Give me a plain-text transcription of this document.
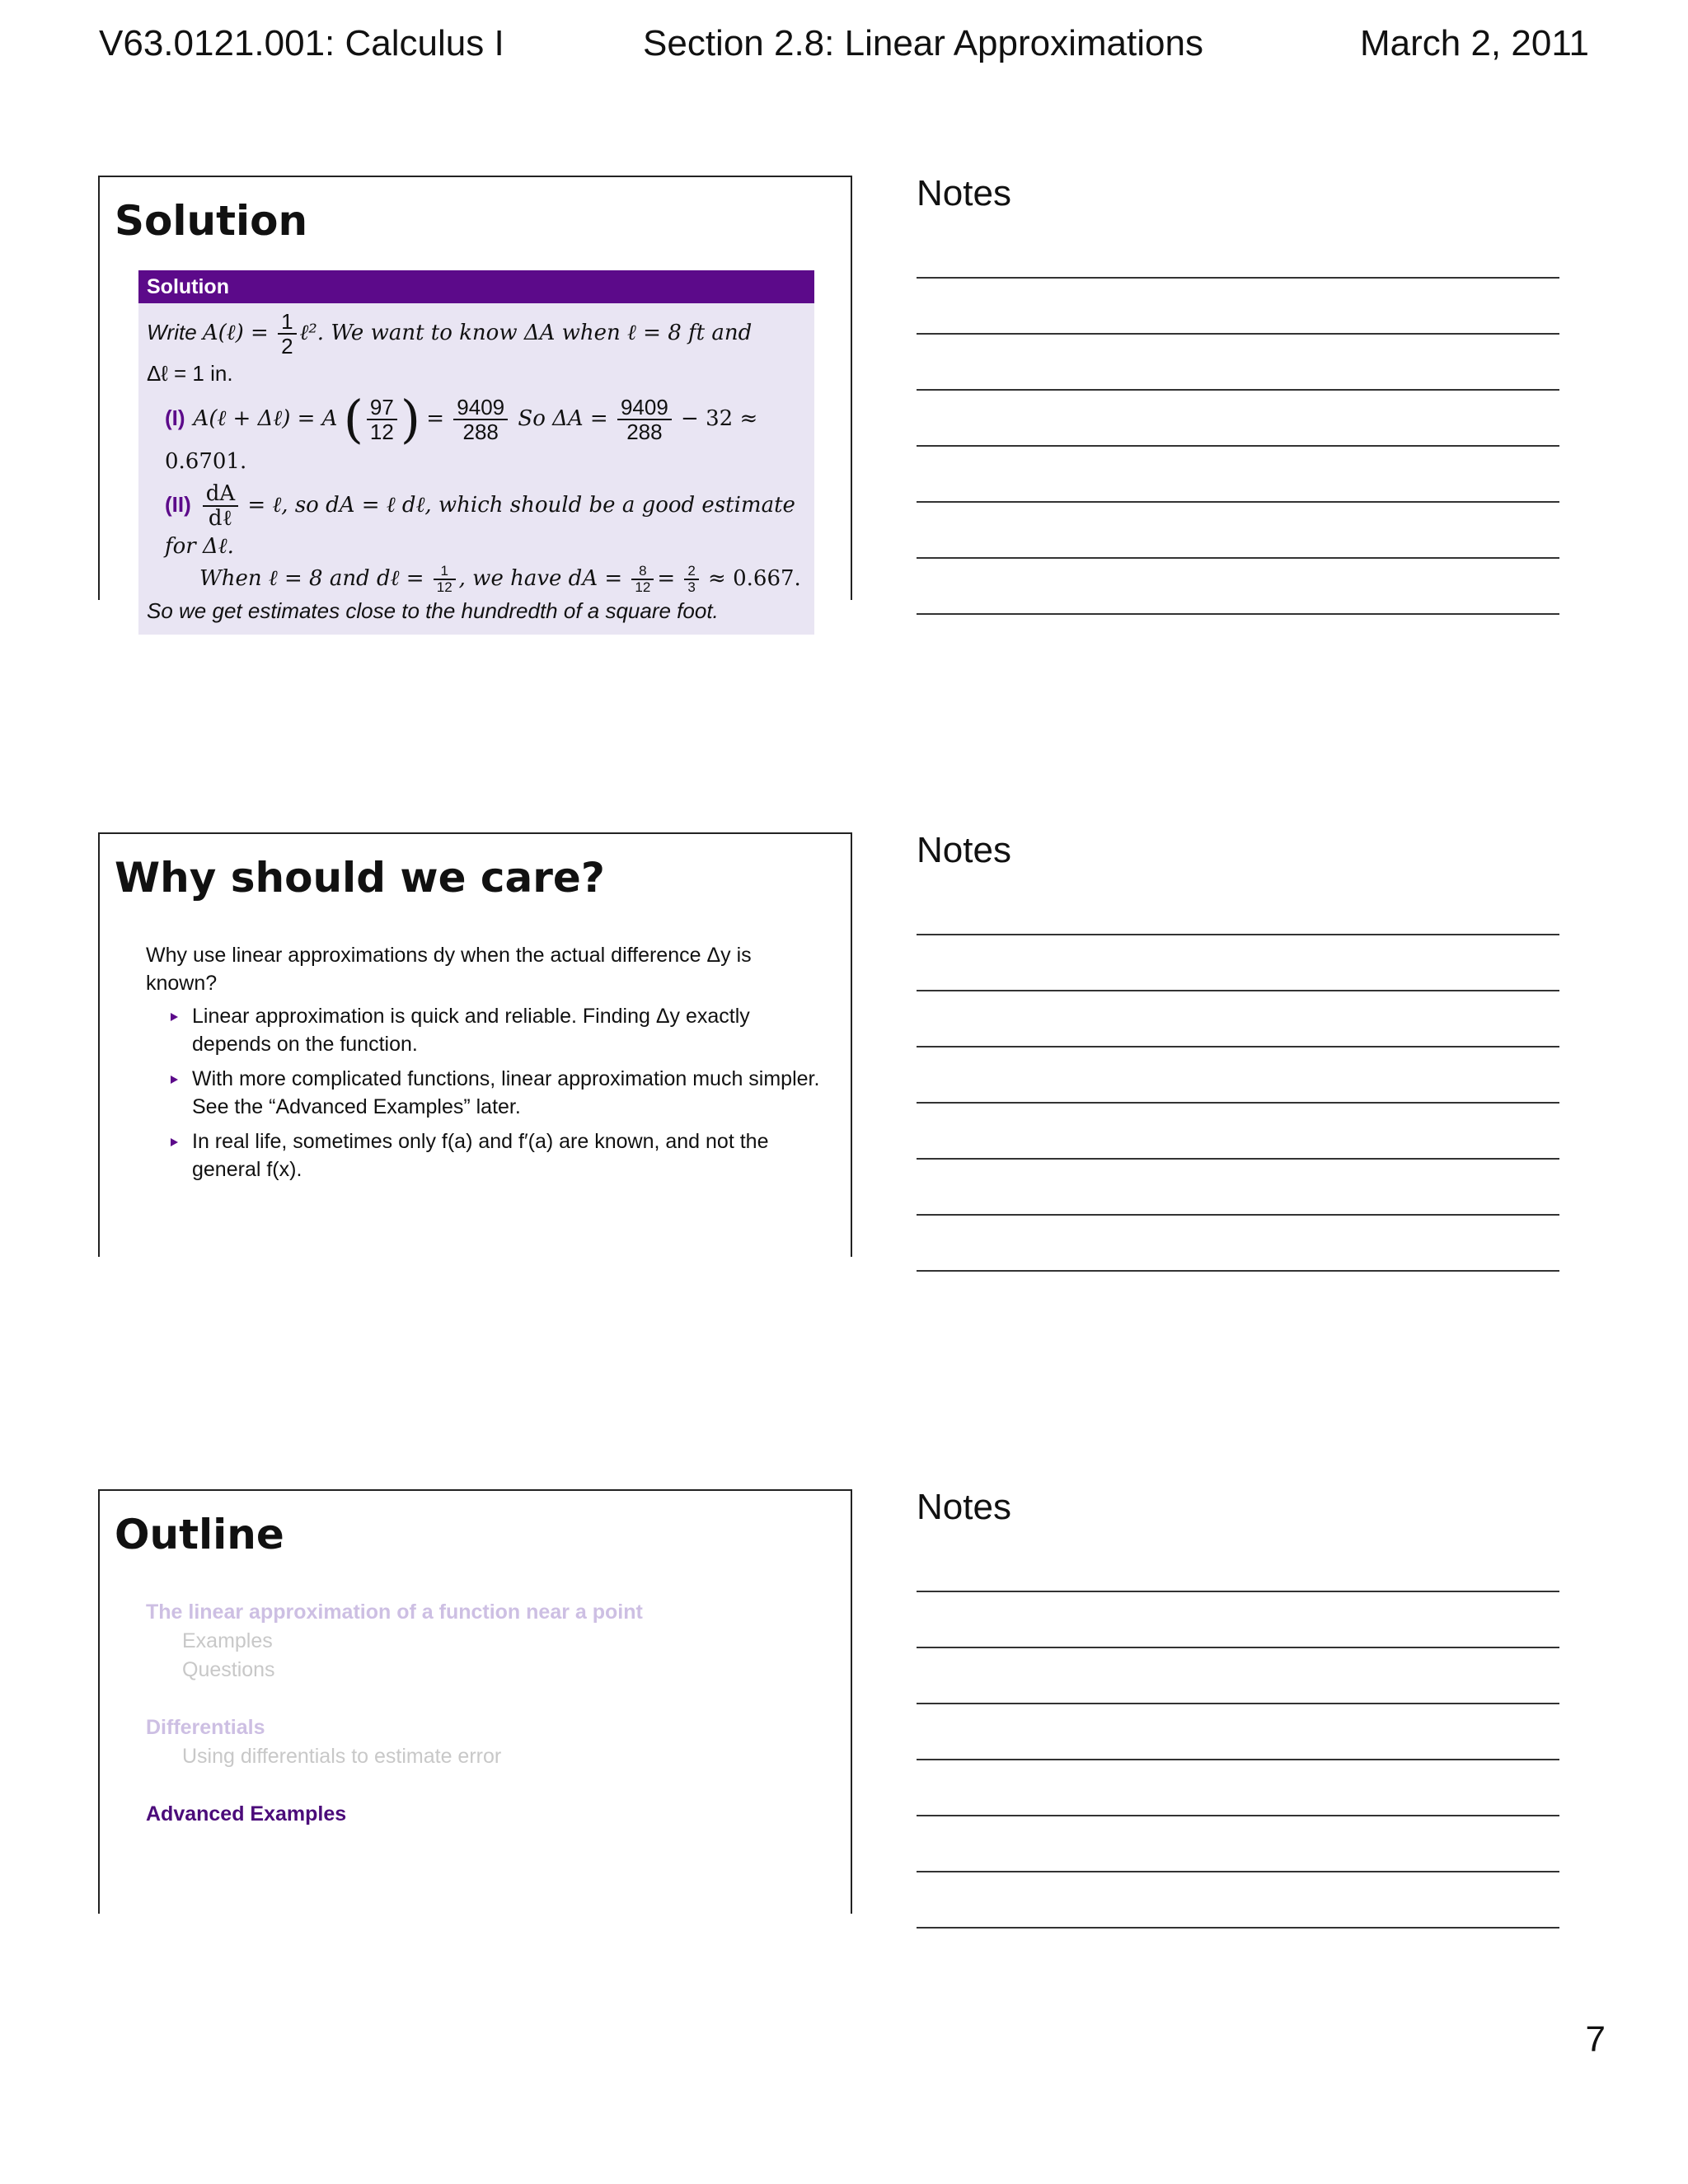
V63.0121.001: Calculus I	Section 2.8: Linear Approximations	March 2, 2011
Solution
Solution
Write A(ℓ) = $\frac{1}{2}$ ℓ². We want to know ΔA when ℓ = 8 ft and
Δℓ = 1 in.
(I) A(ℓ + Δℓ) = A ( $\frac{97}{12}$ ) = $\frac{9409}{288}$ So $\Delta A = \frac{9409}{288} - 32 \approx 0.6701$.
$(II) \frac{dA}{\text{dℓ}}$ = ℓ, so dA = ℓ dℓ, which should be a good estimate for Δℓ.
When ℓ = 8 and dℓ = $\frac{1}{12}$ , we have dA = $\frac{8}{12} = \frac{2}{3} \approx 0.667$.
So we get estimates close to the hundredth of a square foot.
Why should we care?
Why use linear approximations dy when the actual difference Δy is known?
Linear approximation is quick and reliable. Finding Δy exactly depends on the function.
With more complicated functions, linear approximation much simpler. See the “Advanced Examples” later.
In real life, sometimes only f(a) and f′(a) are known, and not the general f(x).
Outline
The linear approximation of a function near a point
Examples
Questions
Differentials
Using differentials to estimate error
Advanced Examples
Notes
Notes
Notes
7
